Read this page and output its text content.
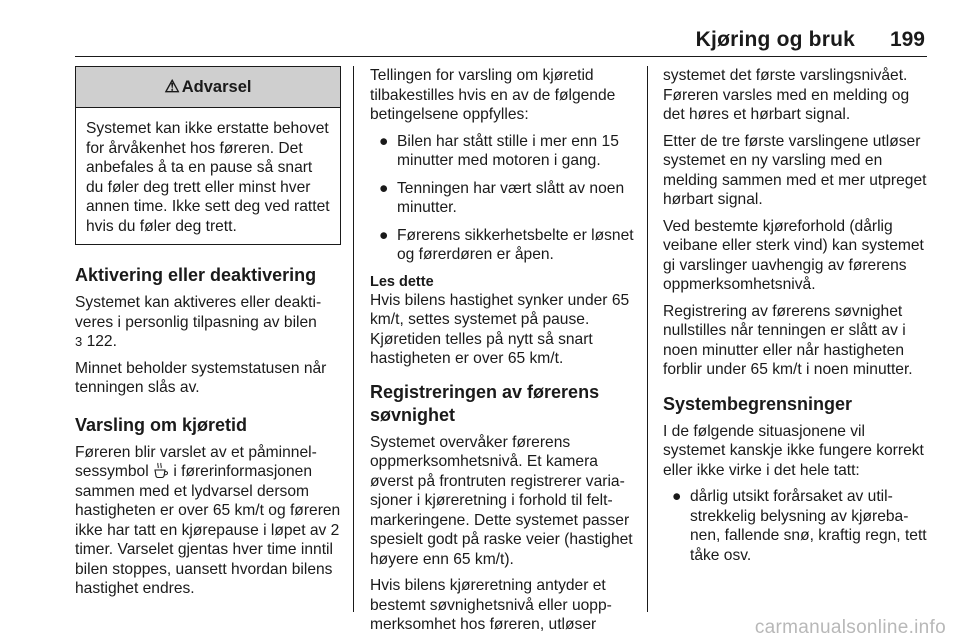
Kjøring og bruk 199
⚠ Advarsel
Systemet kan ikke erstatte behovet for årvåkenhet hos føreren. Det anbefales å ta en pause så snart du føler deg trett eller minst hver annen time. Ikke sett deg ved rattet hvis du føler deg trett.
Aktivering eller deaktivering

Systemet kan aktiveres eller deaktiveres i personlig tilpasning av bilen
3 122.

Minnet beholder systemstatusen når tenningen slås av.

Varsling om kjøretid

Føreren blir varslet av et påminnelsessymbol  i førerinformasjonen sammen med et lydvarsel dersom hastigheten er over 65 km/t og føreren ikke har tatt en kjørepause i løpet av 2 timer. Varselet gjentas hver time inntil bilen stoppes, uansett hvordan bilens hastighet endres.

Tellingen for varsling om kjøretid tilbakestilles hvis en av de følgende betingelsene oppfylles:

● Bilen har stått stille i mer enn 15 minutter med motoren i gang.
● Tenningen har vært slått av noen minutter.
● Førerens sikkerhetsbelte er løsnet og førerdøren er åpen.
Les dette

Hvis bilens hastighet synker under 65 km/t, settes systemet på pause. Kjøretiden telles på nytt så snart hastigheten er over 65 km/t.

Registreringen av førerens søvnighet

Systemet overvåker førerens oppmerksomhetsnivå. Et kamera øverst på frontruten registrerer variasjoner i kjøreretning i forhold til feltmarkeringene. Dette systemet passer spesielt godt på raske veier (hastighet høyere enn 65 km/t).

Hvis bilens kjøreretning antyder et bestemt søvnighetsnivå eller uoppmerksomhet hos føreren, utløser

systemet det første varslingsnivået. Føreren varsles med en melding og det høres et hørbart signal.

Etter de tre første varslingene utløser systemet en ny varsling med en melding sammen med et mer utpreget hørbart signal.

Ved bestemte kjøreforhold (dårlig veibane eller sterk vind) kan systemet gi varslinger uavhengig av førerens oppmerksomhetsnivå.

Registrering av førerens søvnighet nullstilles når tenningen er slått av i noen minutter eller når hastigheten forblir under 65 km/t i noen minutter.

Systembegrensninger

I de følgende situasjonene vil systemet kanskje ikke fungere korrekt eller ikke virke i det hele tatt:

● dårlig utsikt forårsaket av utilstrekkelig belysning av kjørebanen, fallende snø, kraftig regn, tett tåke osv.
carmanualsonline.info
